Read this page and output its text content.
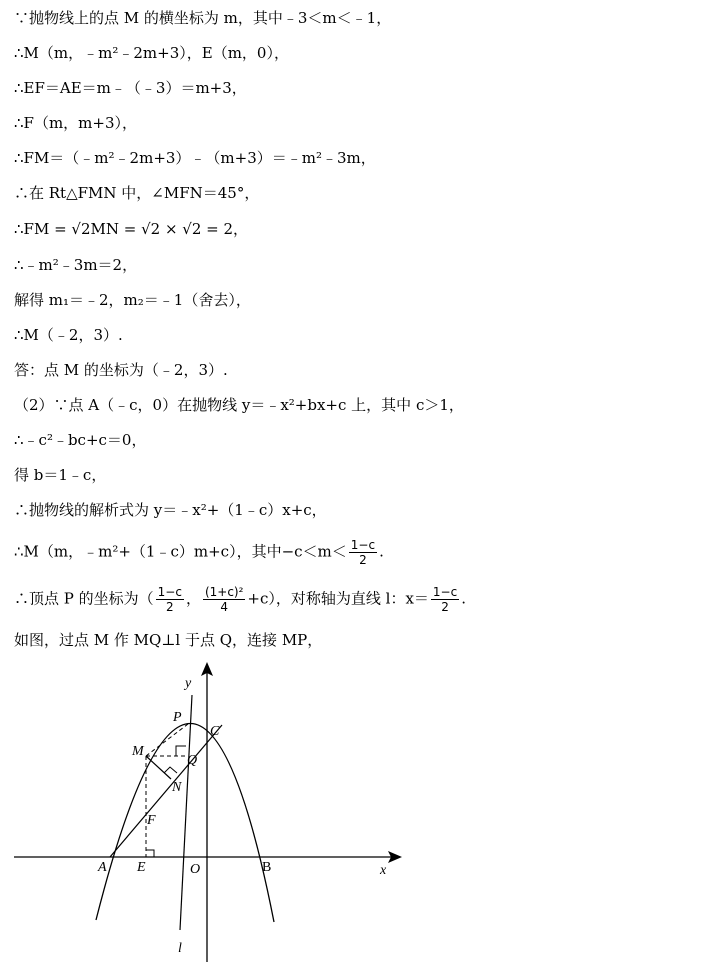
∵抛物线上的点 M 的横坐标为 m，其中﹣3＜m＜﹣1，
∴M（m，﹣m²﹣2m+3），E（m，0），
∴EF＝AE＝m﹣（﹣3）＝m+3，
∴F（m，m+3），
∴FM＝（﹣m²﹣2m+3）﹣（m+3）＝﹣m²﹣3m，
∴在 Rt△FMN 中，∠MFN＝45°，
∴FM = √2MN = √2 × √2 = 2，
∴﹣m²﹣3m＝2，
解得 m₁＝﹣2，m₂＝﹣1（舍去），
∴M（﹣2，3）.
答：点 M 的坐标为（﹣2，3）.
（2）∵点 A（﹣c，0）在抛物线 y＝﹣x²+bx+c 上，其中 c＞1，
∴﹣c²﹣bc+c＝0，
得 b＝1﹣c，
∴抛物线的解析式为 y＝﹣x²+（1﹣c）x+c，
∴M（m，﹣m²+（1﹣c）m+c），其中$-c<m< \frac{1-c}{2}$ .
∴顶点 P 的坐标为（ $\frac{1-c}{2}$ ， $\frac{\text{(1+c)²}}{4} +c$），对称轴为直线 l：$x= \frac{1-c}{2}$ .
如图，过点 M 作 MQ⊥l 于点 Q，连接 MP，
y
x
P
C
M
Q
N
F
A E	O	B
l
